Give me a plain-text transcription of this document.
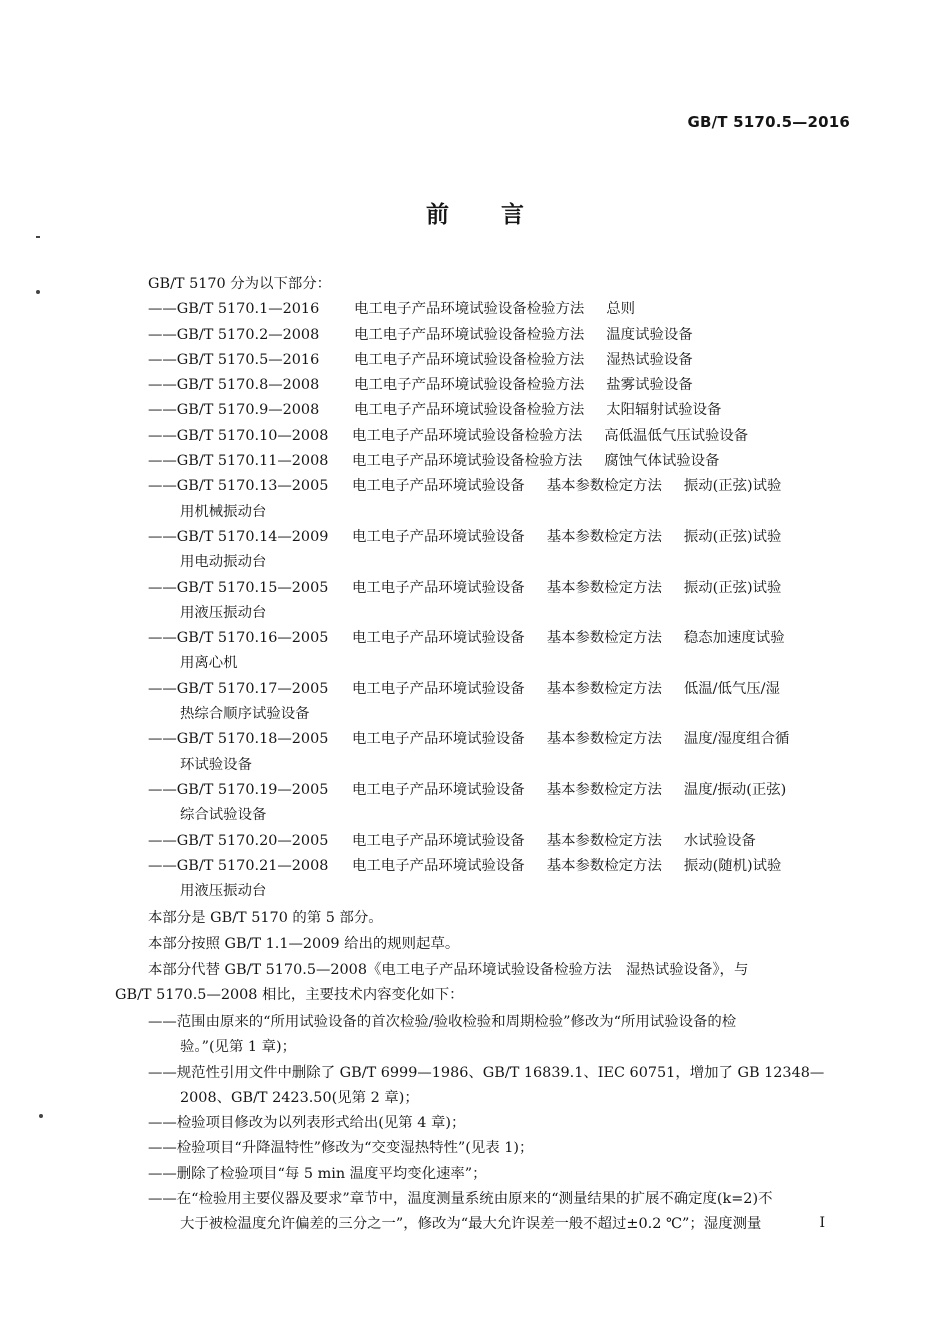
GB/T 5170.5—2016
前言
GB/T 5170 分为以下部分：
——GB/T 5170.1—2016	电工电子产品环境试验设备检验方法 总则
——GB/T 5170.2—2008	电工电子产品环境试验设备检验方法 温度试验设备
——GB/T 5170.5—2016	电工电子产品环境试验设备检验方法 湿热试验设备
——GB/T 5170.8—2008	电工电子产品环境试验设备检验方法 盐雾试验设备
——GB/T 5170.9—2008	电工电子产品环境试验设备检验方法 太阳辐射试验设备
——GB/T 5170.10—2008	电工电子产品环境试验设备检验方法 高低温低气压试验设备
——GB/T 5170.11—2008	电工电子产品环境试验设备检验方法 腐蚀气体试验设备
——GB/T 5170.13—2005	电工电子产品环境试验设备 基本参数检定方法 振动(正弦)试验
用机械振动台
——GB/T 5170.14—2009	电工电子产品环境试验设备 基本参数检定方法 振动(正弦)试验
用电动振动台
——GB/T 5170.15—2005	电工电子产品环境试验设备 基本参数检定方法 振动(正弦)试验
用液压振动台
——GB/T 5170.16—2005	电工电子产品环境试验设备 基本参数检定方法 稳态加速度试验
用离心机
——GB/T 5170.17—2005	电工电子产品环境试验设备 基本参数检定方法 低温/低气压/湿
热综合顺序试验设备
——GB/T 5170.18—2005	电工电子产品环境试验设备 基本参数检定方法 温度/湿度组合循
环试验设备
——GB/T 5170.19—2005	电工电子产品环境试验设备 基本参数检定方法 温度/振动(正弦)
综合试验设备
——GB/T 5170.20—2005	电工电子产品环境试验设备 基本参数检定方法 水试验设备
——GB/T 5170.21—2008	电工电子产品环境试验设备 基本参数检定方法 振动(随机)试验
用液压振动台
本部分是 GB/T 5170 的第 5 部分。
本部分按照 GB/T 1.1—2009 给出的规则起草。
本部分代替 GB/T 5170.5—2008《电工电子产品环境试验设备检验方法　湿热试验设备》，与
GB/T 5170.5—2008 相比，主要技术内容变化如下：
——范围由原来的“所用试验设备的首次检验/验收检验和周期检验”修改为“所用试验设备的检
验。”(见第 1 章)；
——规范性引用文件中删除了 GB/T 6999—1986、GB/T 16839.1、IEC 60751，增加了 GB 12348—
2008、GB/T 2423.50(见第 2 章)；
——检验项目修改为以列表形式给出(见第 4 章)；
——检验项目“升降温特性”修改为“交变湿热特性”(见表 1)；
——删除了检验项目“每 5 min 温度平均变化速率”；
——在“检验用主要仪器及要求”章节中，温度测量系统由原来的“测量结果的扩展不确定度(k=2)不
大于被检温度允许偏差的三分之一”，修改为“最大允许误差一般不超过±0.2 ℃”；湿度测量	I
